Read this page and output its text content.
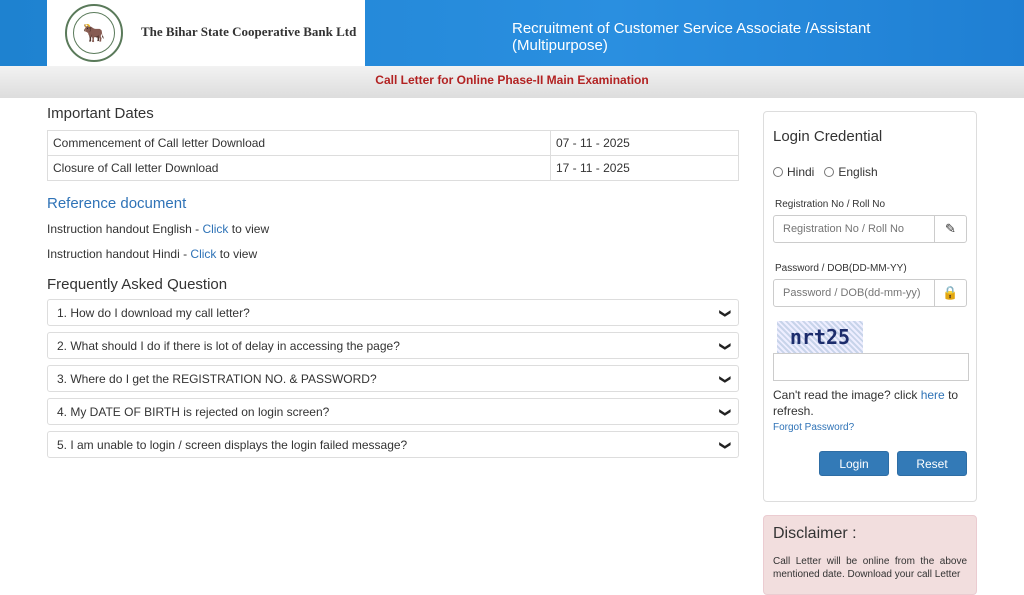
🐂	The Bihar State Cooperative Bank Ltd	Recruitment of Customer Service Associate /Assistant
(Multipurpose)
Call Letter for Online Phase-II Main Examination
Important Dates
Commencement of Call letter Download	07 - 11 - 2025
Closure of Call letter Download	17 - 11 - 2025
Reference document
Instruction handout English - Click to view
Instruction handout Hindi - Click to view
Frequently Asked Question
1. How do I download my call letter?	❯
2. What should I do if there is lot of delay in accessing the page?	❯
3. Where do I get the REGISTRATION NO. & PASSWORD?	❯
4. My DATE OF BIRTH is rejected on login screen?	❯
5. I am unable to login / screen displays the login failed message?	❯
Login Credential
Hindi	English
Registration No / Roll No
Registration No / Roll No
✎
Password / DOB(DD-MM-YY)
Password / DOB(dd-mm-yy)
🔒
nrt25
Can't read the image? click here to refresh.
Forgot Password?
Login	Reset
Disclaimer :

Call Letter will be online from the above mentioned date. Download your call Letter
